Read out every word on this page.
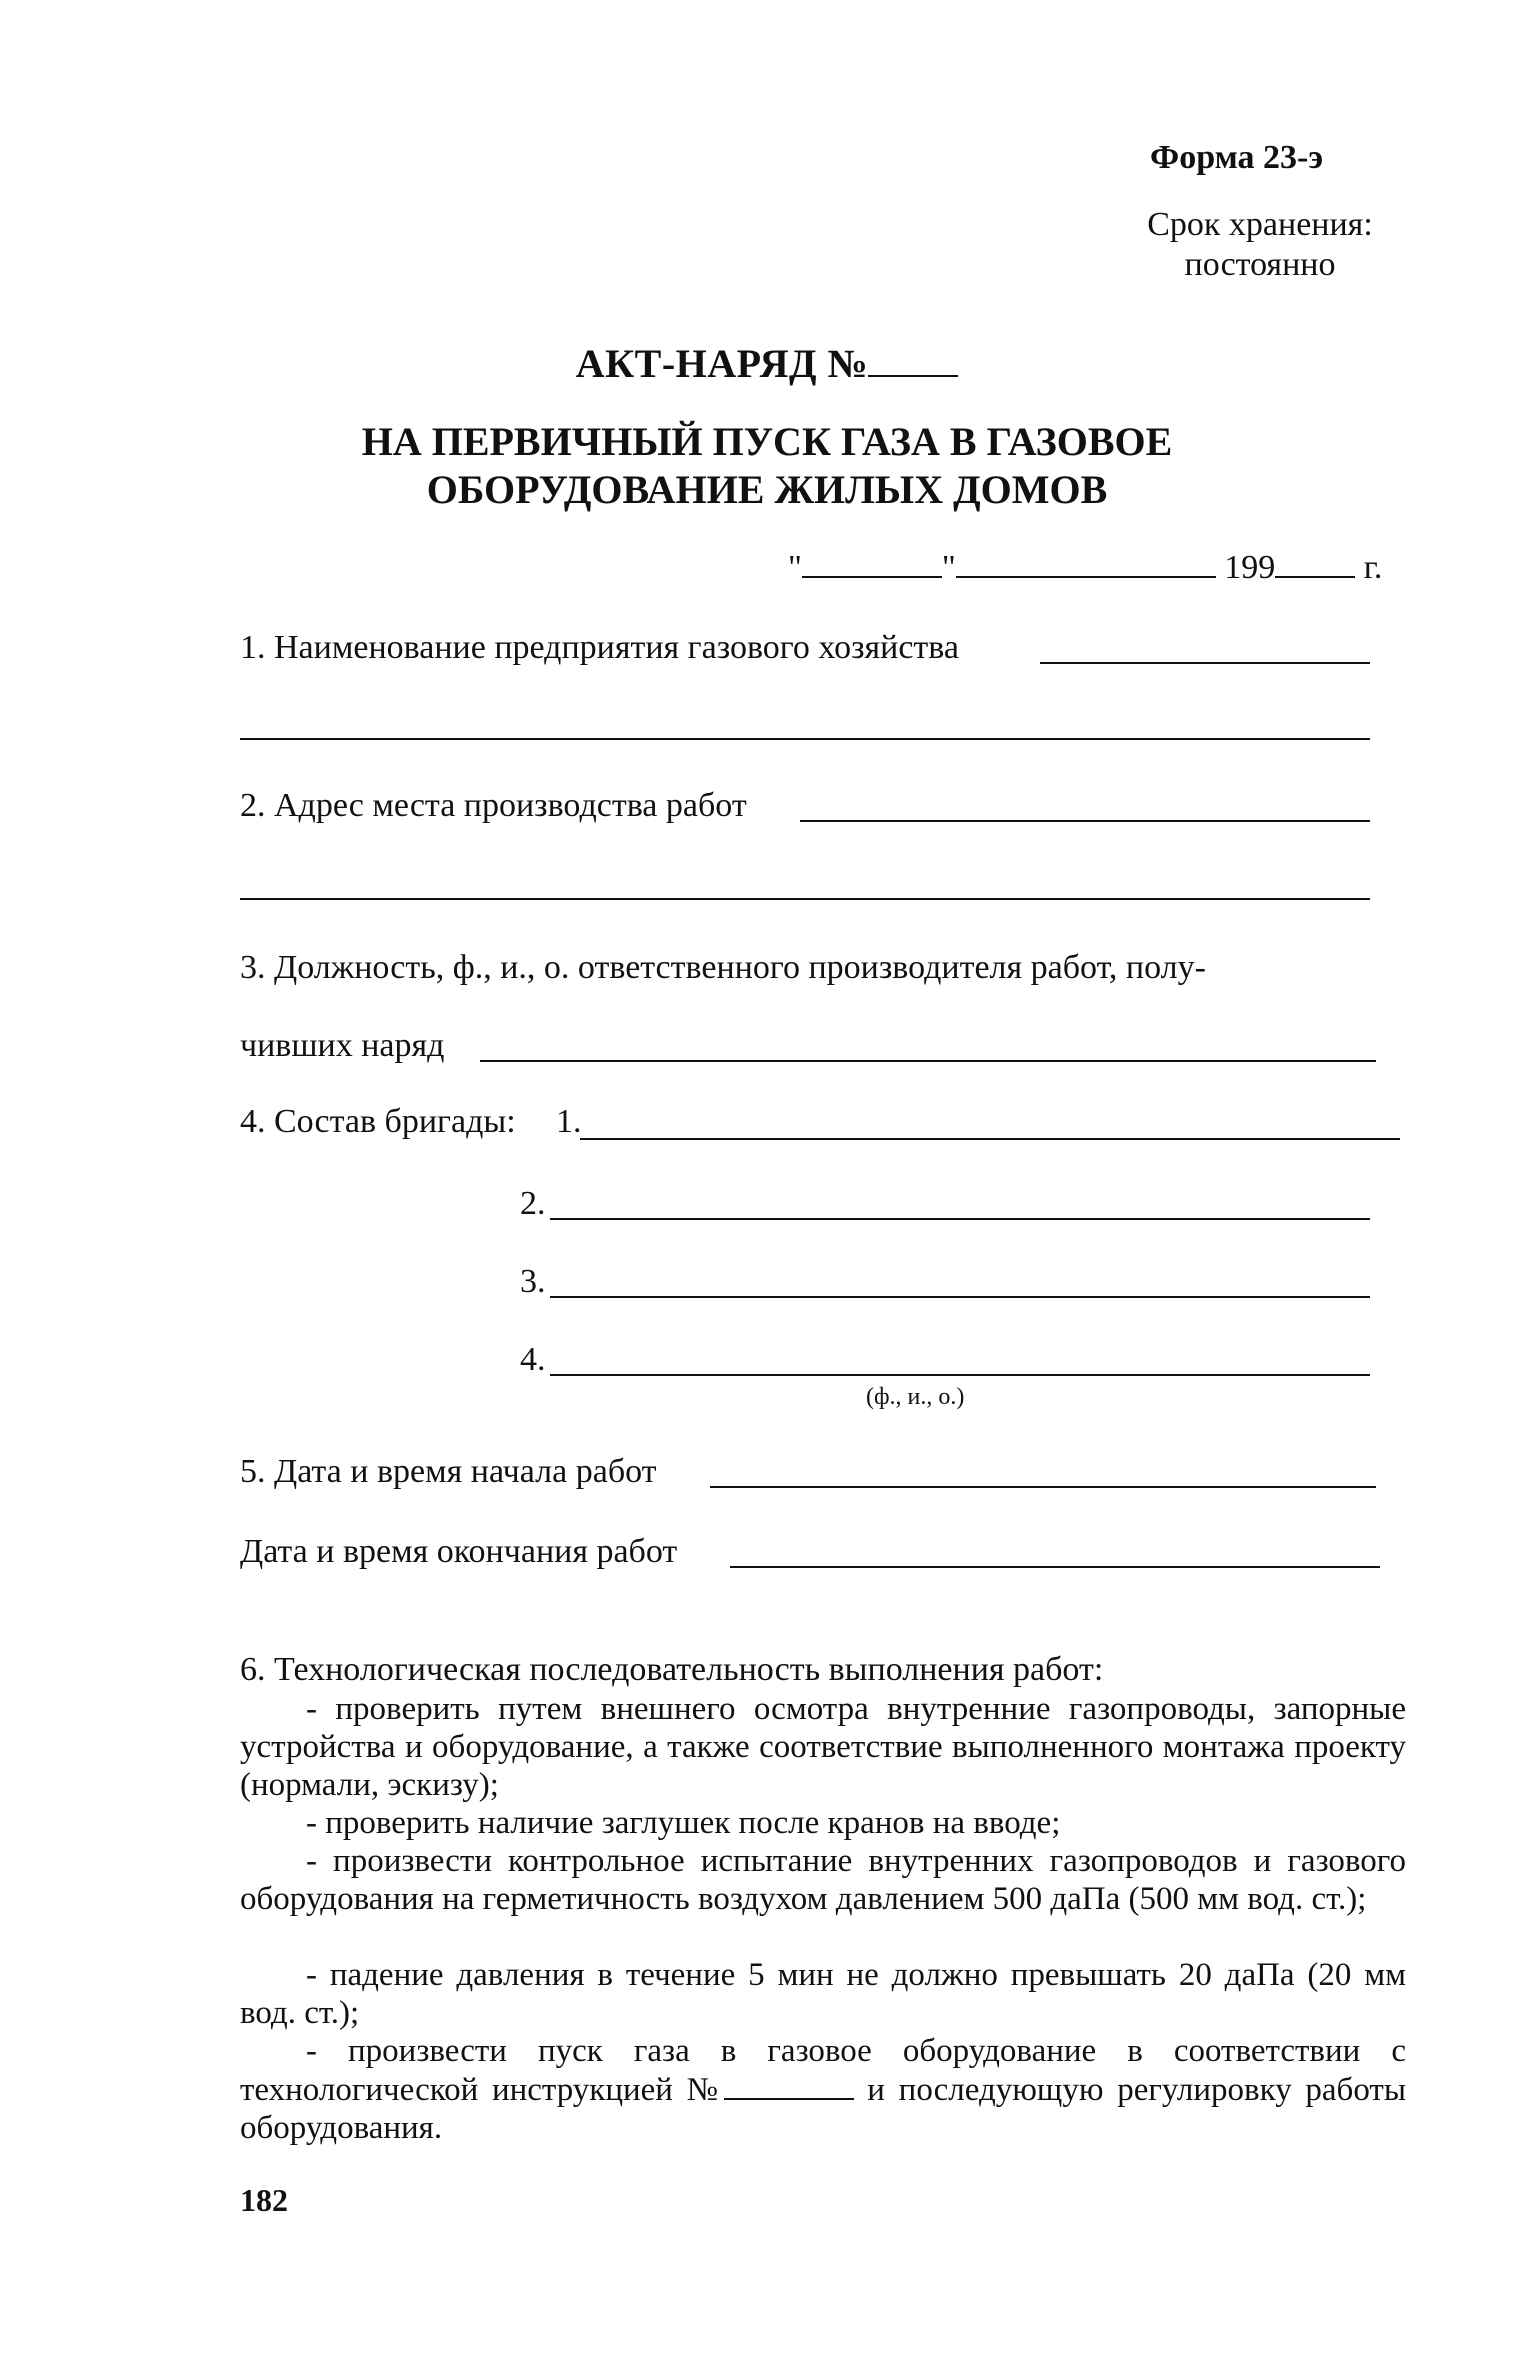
Форма 23-э
Срок хранения:
постоянно
АКТ-НАРЯД №
НА ПЕРВИЧНЫЙ ПУСК ГАЗА В ГАЗОВОЕ
ОБОРУДОВАНИЕ ЖИЛЫХ ДОМОВ
"	"	199	г.
1. Наименование предприятия газового хозяйства
2. Адрес места производства работ
3. Должность, ф., и., о. ответственного производителя работ, полу-
чивших наряд
4. Состав бригады: 1.
2.
3.
4.
(ф., и., о.)
5. Дата и время начала работ
Дата и время окончания работ
6. Технологическая последовательность выполнения работ:
- проверить путем внешнего осмотра внутренние газопроводы, запорные устройства и оборудование, а также соответствие выполненного монтажа проекту (нормали, эскизу);
- проверить наличие заглушек после кранов на вводе;
- произвести контрольное испытание внутренних газопроводов и газового оборудования на герметичность воздухом давлением 500 даПа (500 мм вод. ст.);
- падение давления в течение 5 мин не должно превышать 20 даПа (20 мм вод. ст.);
- произвести пуск газа в газовое оборудование в соответствии с технологической инструкцией №	и последующую регулировку работы оборудования.
182
